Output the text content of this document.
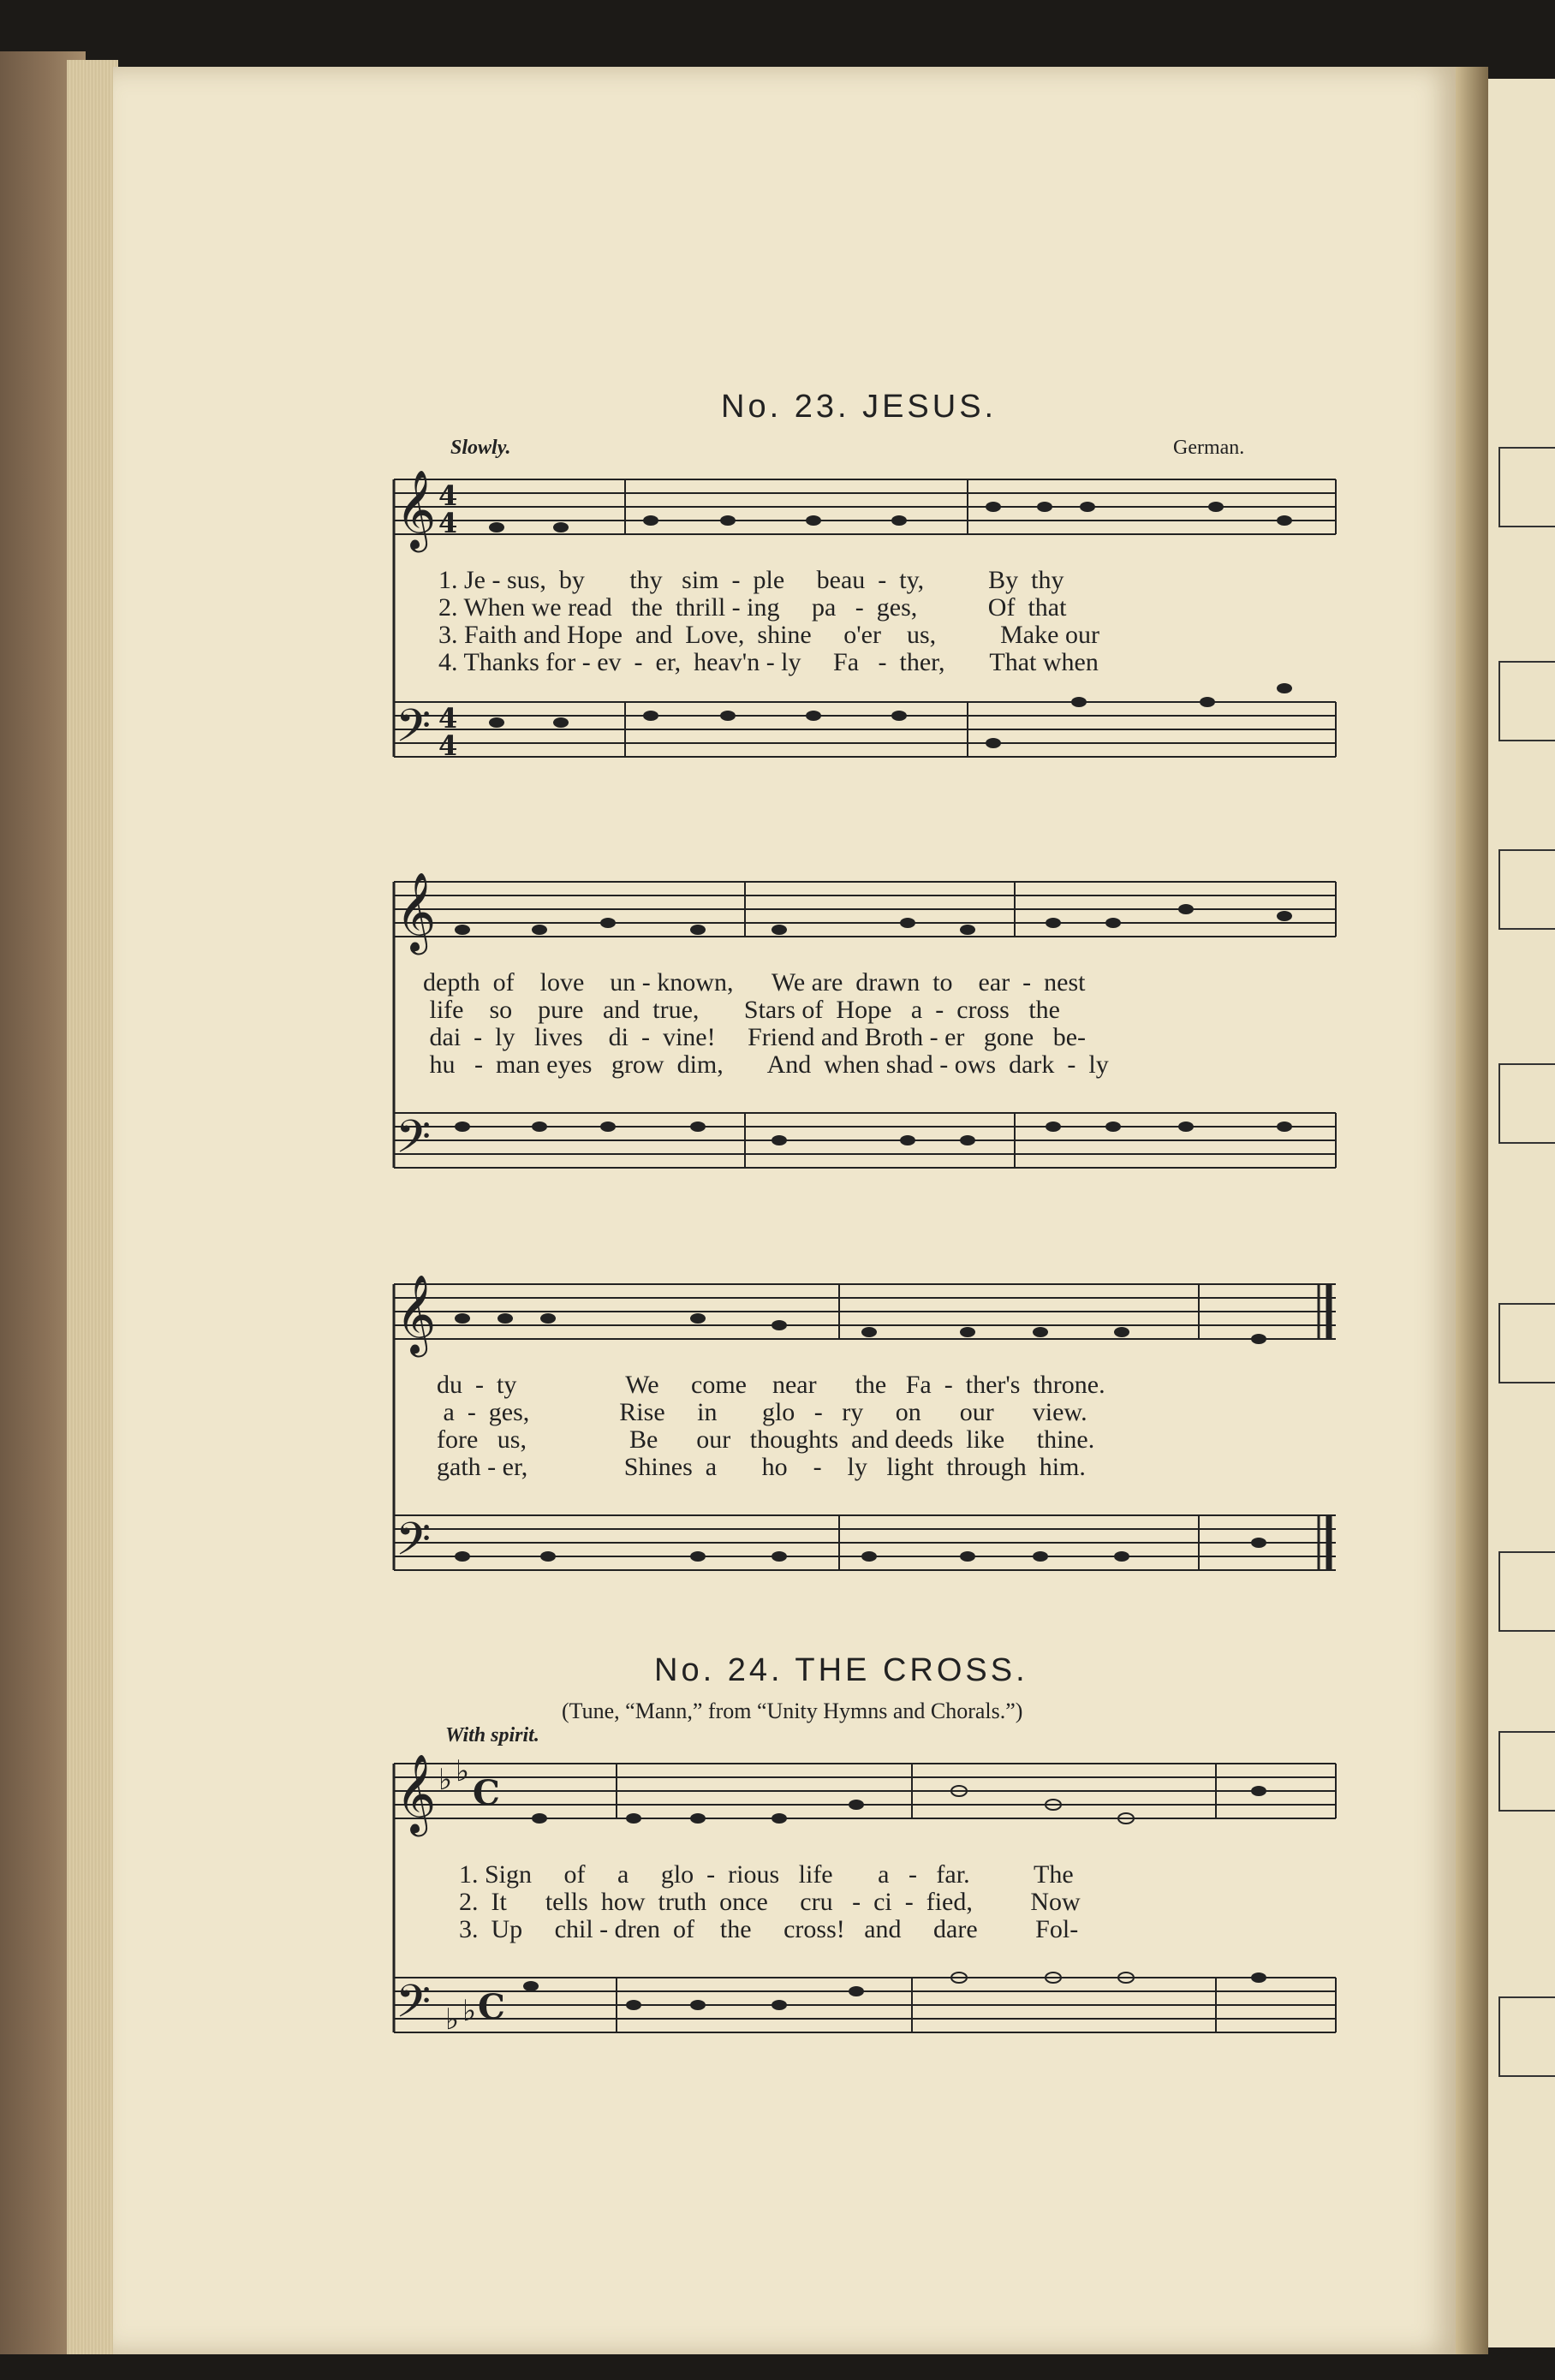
No. 23. JESUS.
Slowly.	German.
𝄞 4
4
𝄢 4
4
1. Je - sus,  by       thy   sim  -  ple     beau  -  ty,          By  thy
2. When we read   the  thrill - ing     pa   -  ges,           Of  that
3. Faith and Hope  and  Love,  shine     o'er    us,          Make our
4. Thanks for - ev  -  er,  heav'n - ly     Fa   -  ther,       That when
𝄞
𝄢
depth  of    love    un - known,      We are  drawn  to    ear  -  nest
life    so    pure   and  true,       Stars of  Hope   a  -  cross   the
dai  -  ly   lives    di  -  vine!     Friend and Broth - er   gone   be-
hu   -  man eyes   grow  dim,       And  when shad - ows  dark  -  ly
𝄞
𝄢
du  -  ty                 We     come    near      the   Fa  -  ther's  throne.
a  -  ges,              Rise     in       glo   -   ry     on      our      view.
fore   us,                Be      our   thoughts  and deeds  like     thine.
gath - er,               Shines  a       ho    -    ly   light  through  him.
No. 24. THE CROSS.
(Tune, “Mann,” from “Unity Hymns and Chorals.”)
With spirit.
𝄞 ♭ ♭
C
𝄢 ♭ ♭ C
1. Sign     of     a     glo  -  rious   life       a   -   far.          The
2.  It      tells  how  truth  once     cru   -  ci  -  fied,         Now
3.  Up     chil - dren  of    the     cross!   and     dare         Fol-
